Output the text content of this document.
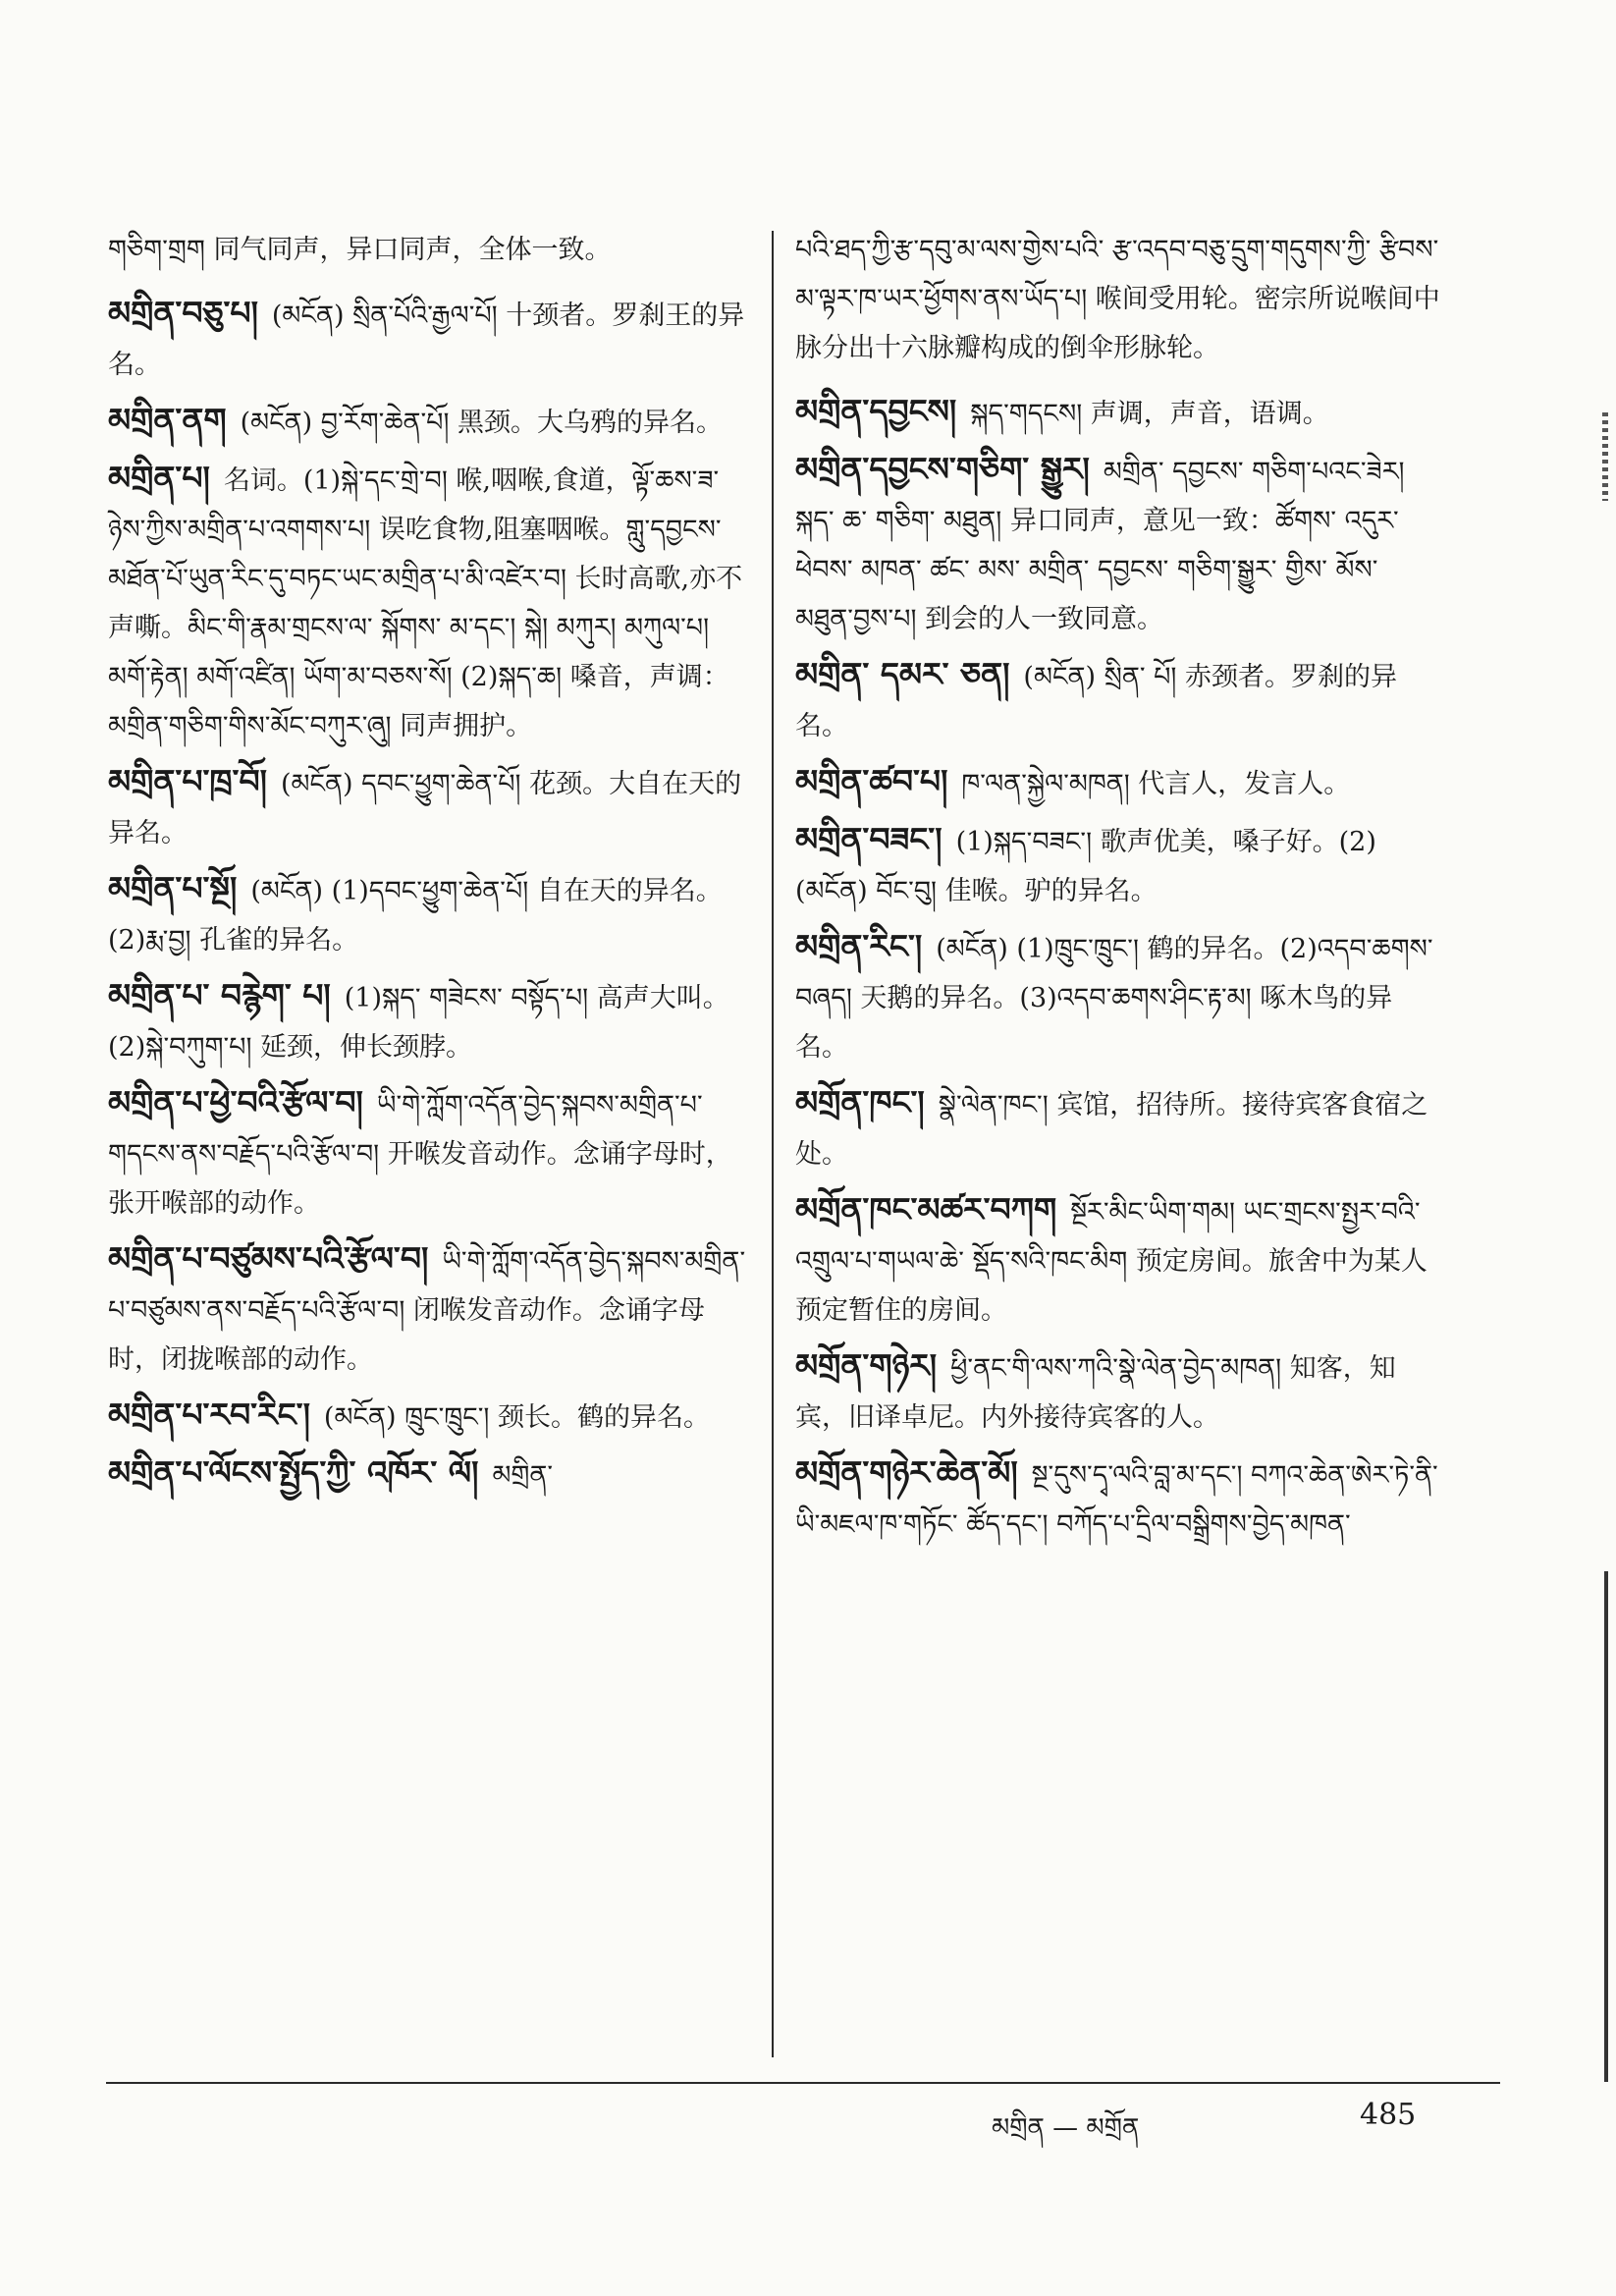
གཅིག་གྲག 同气同声，异口同声，全体一致。
མགྲིན་བཅུ་པ། (མངོན) སྲིན་པོའི་རྒྱལ་པོ། 十颈者。罗刹王的异名。
མགྲིན་ནག (མངོན) བྱ་རོག་ཆེན་པོ། 黑颈。大乌鸦的异名。
མགྲིན་པ། 名词。(1)སྐེ་དང་གྲེ་བ། 喉,咽喉,食道，ལྟོ་ཆས་ཟ་ཉེས་ཀྱིས་མགྲིན་པ་འགགས་པ། 误吃食物,阻塞咽喉。གླུ་དབྱངས་མཐོན་པོ་ཡུན་རིང་དུ་བཏང་ཡང་མགྲིན་པ་མི་འཛེར་བ། 长时高歌,亦不声嘶。མིང་གི་རྣམ་གྲངས་ལ་ སྐོགས་ མ་དང་། སྐེ། མཀུར། མཀུལ་པ། མགོ་རྟེན། མགོ་འཛིན། ཡོག་མ་བཅས་སོ། (2)སྐད་ཆ། 嗓音，声调：མགྲིན་གཅིག་གིས་མོང་བཀུར་ཞུ། 同声拥护。
མགྲིན་པ་ཁྲ་བོ། (མངོན) དབང་ཕྱུག་ཆེན་པོ། 花颈。大自在天的异名。
མགྲིན་པ་སྔོ། (མངོན) (1)དབང་ཕྱུག་ཆེན་པོ། 自在天的异名。(2)རྨ་བྱ། 孔雀的异名。
མགྲིན་པ་ བརྙེག་ པ། (1)སྐད་ གཟེངས་ བསྟོད་པ། 高声大叫。(2)སྐེ་བཀུག་པ། 延颈，伸长颈脖。
མགྲིན་པ་ཕྱེ་བའི་རྩོལ་བ། ཡི་གེ་ཀློག་འདོན་བྱེད་སྐབས་མགྲིན་པ་གདངས་ནས་བརྗོད་པའི་རྩོལ་བ། 开喉发音动作。念诵字母时，张开喉部的动作。
མགྲིན་པ་བཙུམས་པའི་རྩོལ་བ། ཡི་གེ་ཀློག་འདོན་བྱེད་སྐབས་མགྲིན་པ་བཙུམས་ནས་བརྗོད་པའི་རྩོལ་བ། 闭喉发音动作。念诵字母时，闭拢喉部的动作。
མགྲིན་པ་རབ་རིང་། (མངོན) ཁྲུང་ཁྲུང་། 颈长。鹤的异名。
མགྲིན་པ་ལོངས་སྤྱོད་ཀྱི་ འཁོར་ ལོ། མགྲིན་
པའི་ཐད་ཀྱི་རྩ་དབུ་མ་ལས་གྱེས་པའི་ རྩ་འདབ་བཅུ་དྲུག་གདུགས་ཀྱི་ རྩིབས་མ་ལྟར་ཁ་ཡར་ཕྱོགས་ནས་ཡོད་པ། 喉间受用轮。密宗所说喉间中脉分出十六脉瓣构成的倒伞形脉轮。
མགྲིན་དབྱངས། སྐད་གདངས། 声调，声音，语调。
མགྲིན་དབྱངས་གཅིག་ སྒྱུར། མགྲིན་ དབྱངས་ གཅིག་པའང་ཟེར། སྐད་ ཆ་ གཅིག་ མཐུན། 异口同声，意见一致：ཚོགས་ འདུར་ ཕེབས་ མཁན་ ཚང་ མས་ མགྲིན་ དབྱངས་ གཅིག་སྒྱུར་ གྱིས་ མོས་ མཐུན་བྱས་པ། 到会的人一致同意。
མགྲིན་ དམར་ ཅན། (མངོན) སྲིན་ པོ། 赤颈者。罗刹的异名。
མགྲིན་ཚབ་པ། ཁ་ལན་སྐྱེལ་མཁན། 代言人，发言人。
མགྲིན་བཟང་། (1)སྐད་བཟང་། 歌声优美，嗓子好。(2)(མངོན) བོང་བུ། 佳喉。驴的异名。
མགྲིན་རིང་། (མངོན) (1)ཁྲུང་ཁྲུང་། 鹤的异名。(2)འདབ་ཆགས་བཞད། 天鹅的异名。(3)འདབ་ཆགས་ཤིང་རྟ་མ། 啄木鸟的异名。
མགྲོན་ཁང་། སྣེ་ལེན་ཁང་། 宾馆，招待所。接待宾客食宿之处。
མགྲོན་ཁང་མཚར་བཀག སྔོར་མིང་ཡིག་གམ། ཡང་གྲངས་སྤྱར་བའི་འགྲུལ་པ་གཡལ་ཆེ་ སྡོད་སའི་ཁང་མིག 预定房间。旅舍中为某人预定暂住的房间。
མགྲོན་གཉེར། ཕྱི་ནང་གི་ལས་ཀའི་སྣེ་ལེན་བྱེད་མཁན། 知客，知宾，旧译卓尼。内外接待宾客的人。
མགྲོན་གཉེར་ཆེན་མོ། སྔ་དུས་དྭ་ལའི་བླ་མ་དང་། བཀའ་ཆེན་ཨེར་ཏེ་ནི་ཡི་མཇལ་ཁ་གཏོང་ ཚོད་དང་། བཀོད་པ་དྲིལ་བསྒྲིགས་བྱེད་མཁན་
མགྲིན — མགྲོན	485
